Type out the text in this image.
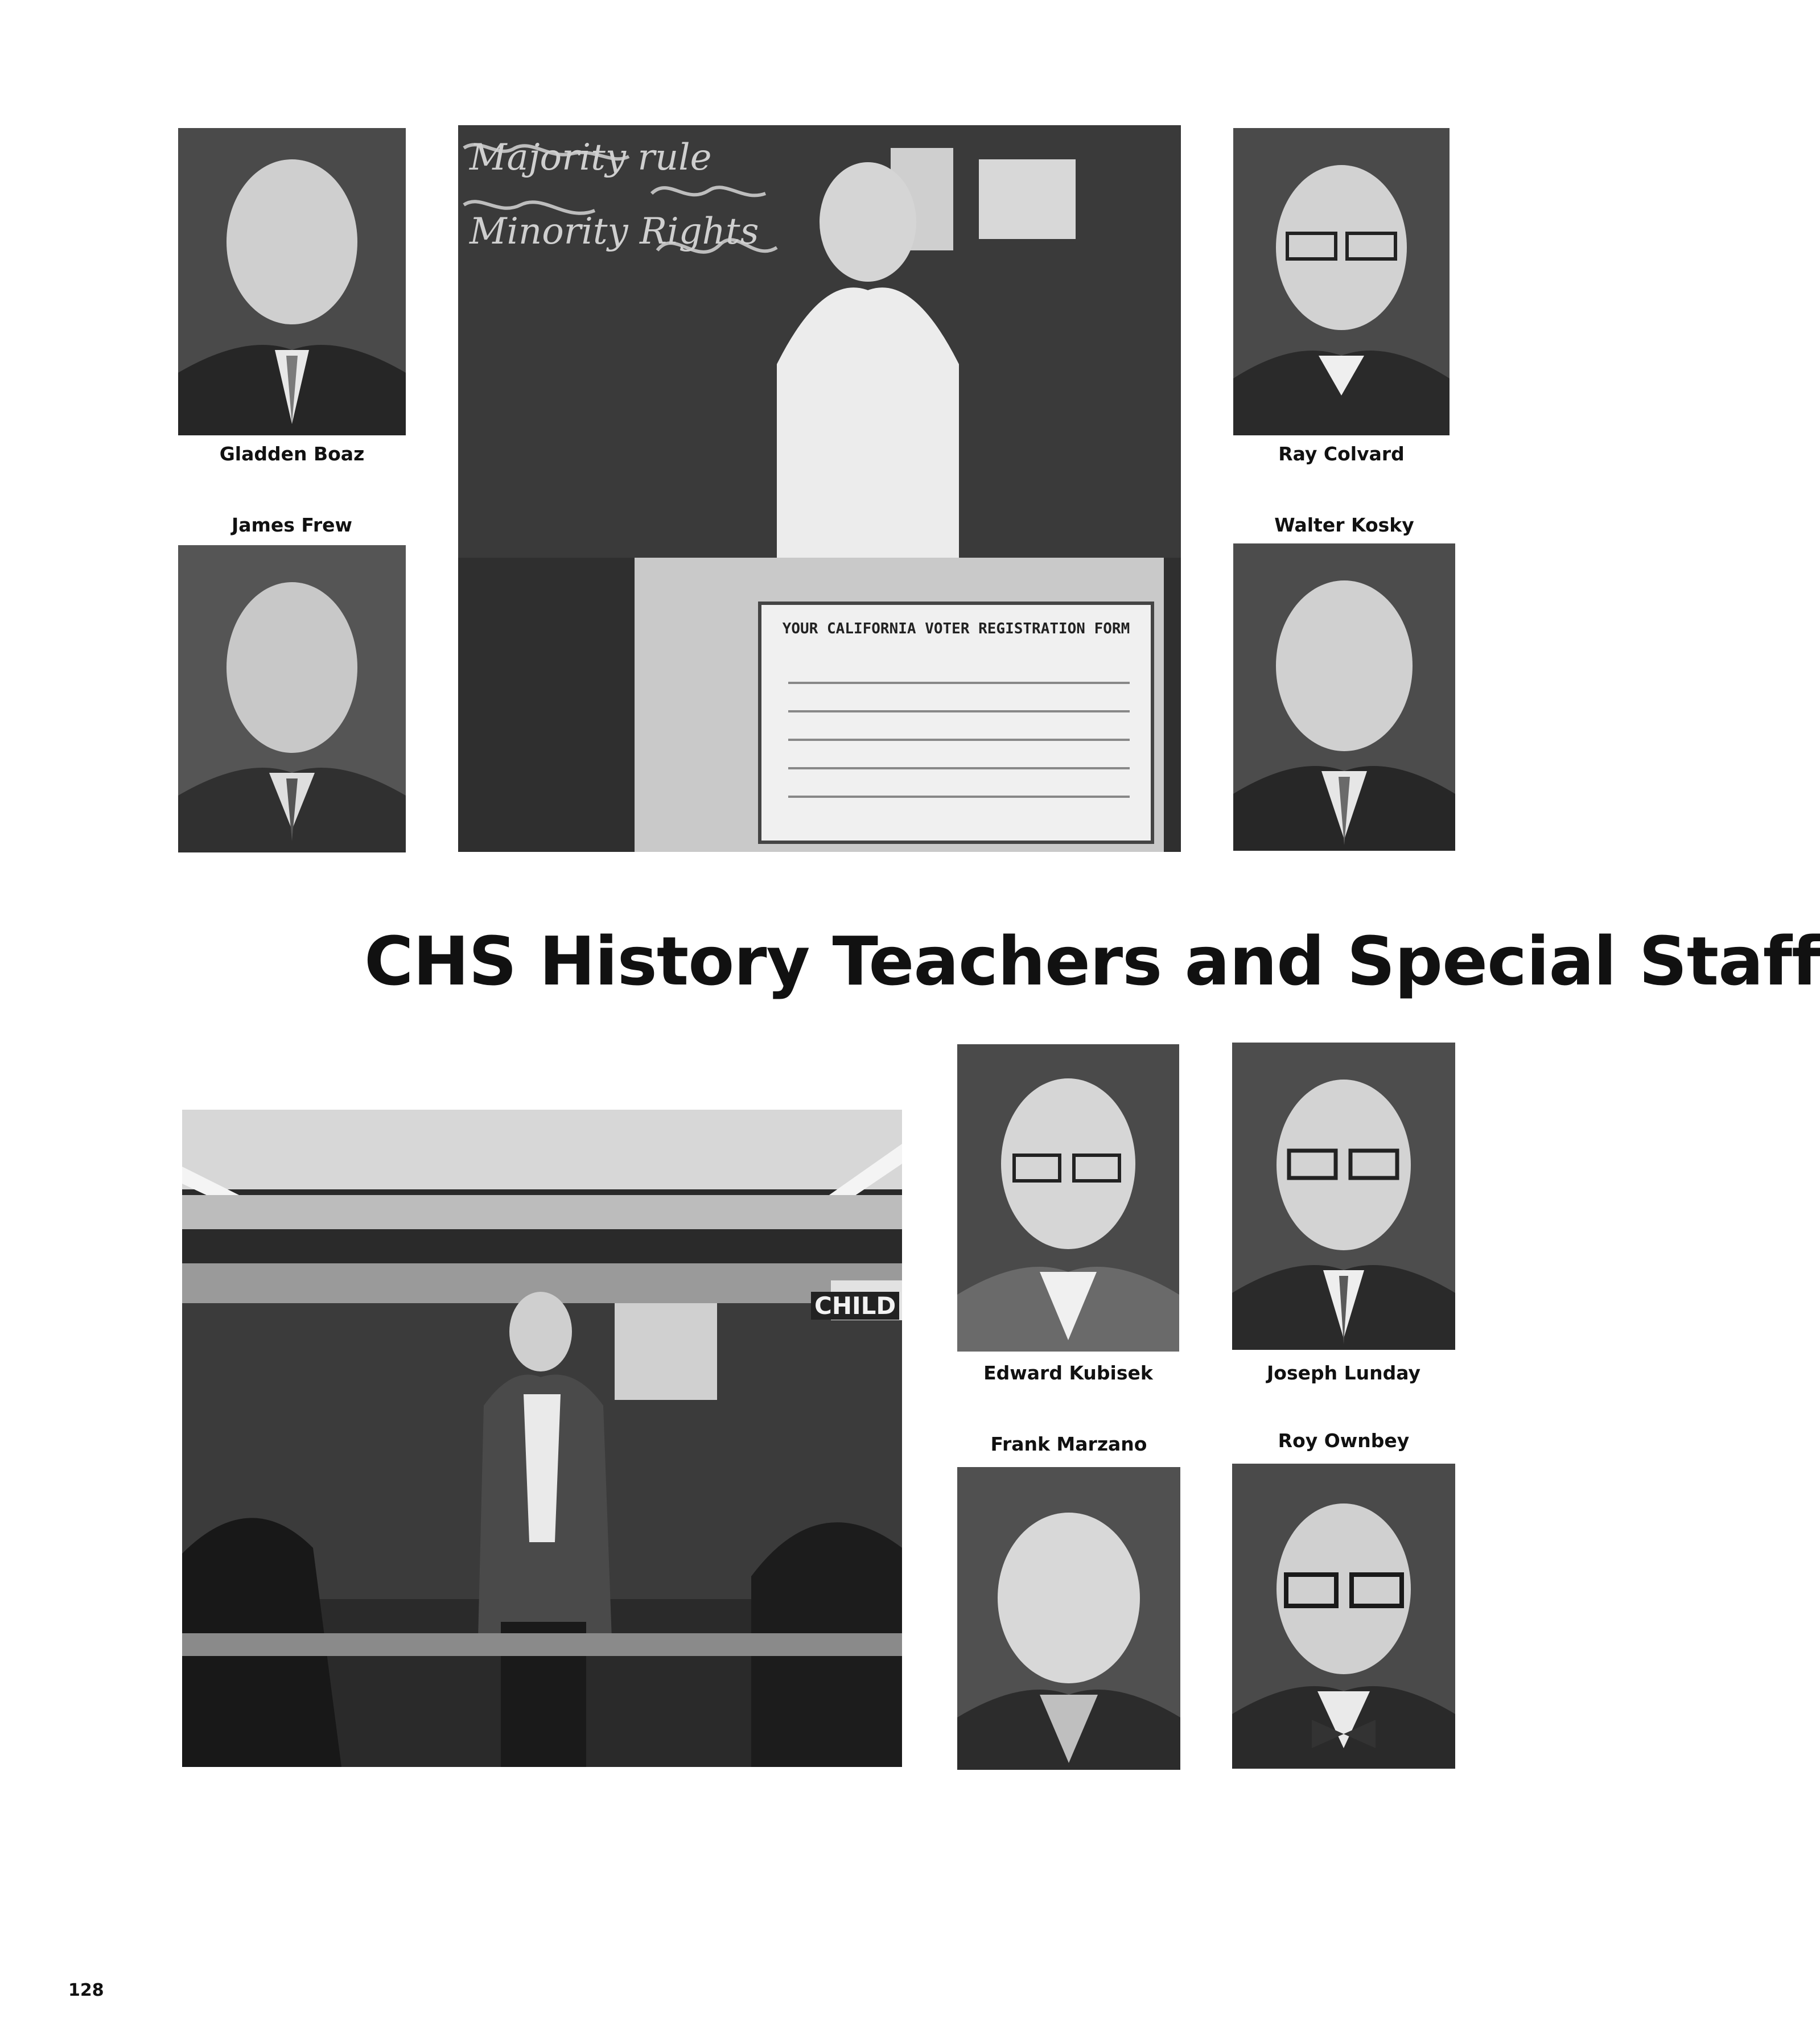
Gladden Boaz	Ray Colvard
James Frew	Walter Kosky
Majority rule
Minority Rights
YOUR CALIFORNIA VOTER REGISTRATION FORM
CHS History Teachers and Special Staff
CHILD
Edward Kubisek	Joseph Lunday
Frank Marzano	Roy Ownbey
128
